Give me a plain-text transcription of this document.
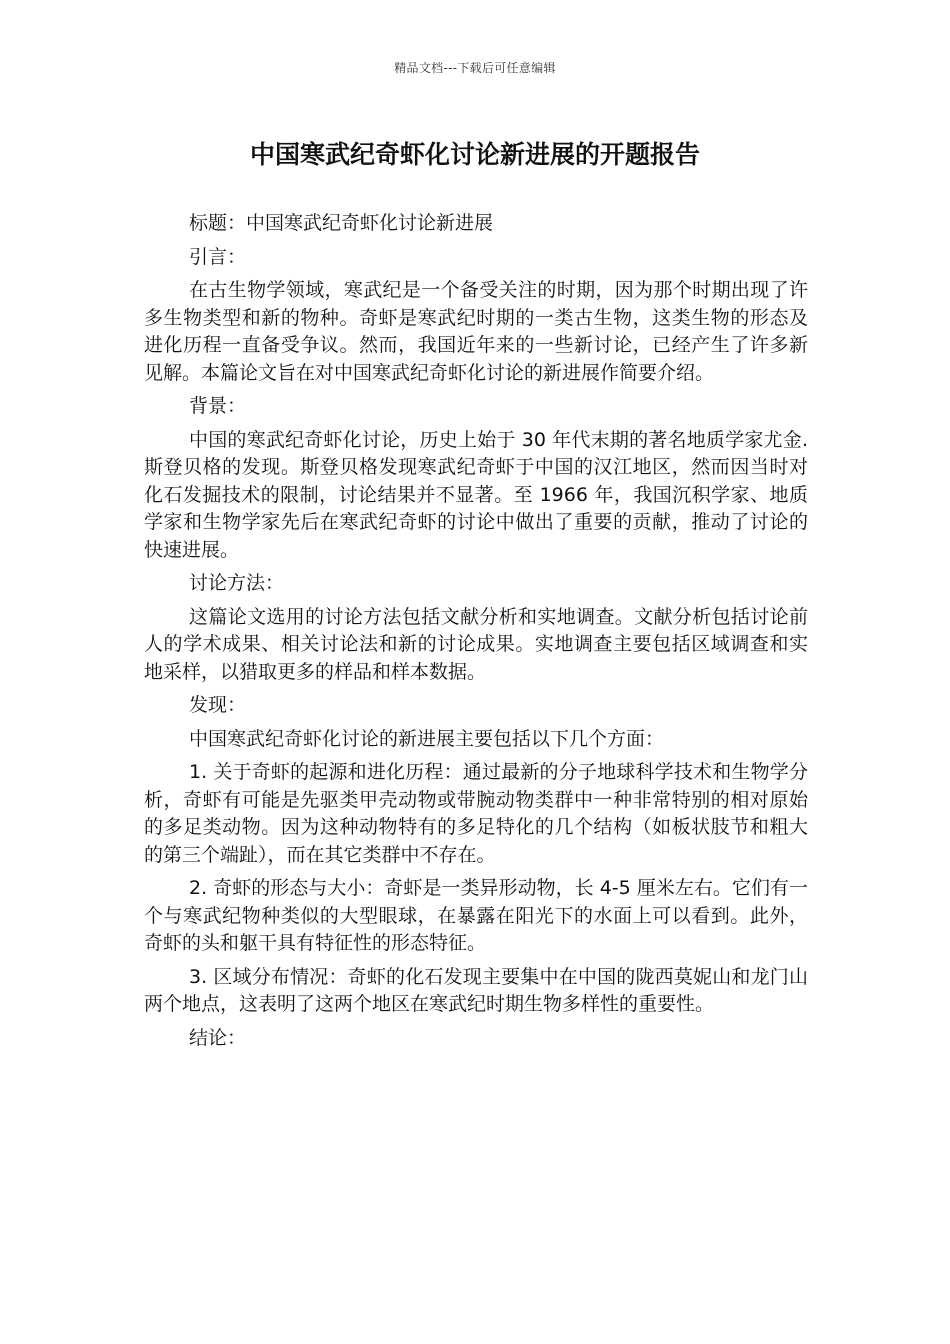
精品文档---下载后可任意编辑
中国寒武纪奇虾化讨论新进展的开题报告

标题：中国寒武纪奇虾化讨论新进展

引言：

在古生物学领域，寒武纪是一个备受关注的时期，因为那个时期出现了许多生物类型和新的物种。奇虾是寒武纪时期的一类古生物，这类生物的形态及进化历程一直备受争议。然而，我国近年来的一些新讨论，已经产生了许多新见解。本篇论文旨在对中国寒武纪奇虾化讨论的新进展作简要介绍。

背景：

中国的寒武纪奇虾化讨论，历史上始于 30 年代末期的著名地质学家尤金.斯登贝格的发现。斯登贝格发现寒武纪奇虾于中国的汉江地区，然而因当时对化石发掘技术的限制，讨论结果并不显著。至 1966 年，我国沉积学家、地质学家和生物学家先后在寒武纪奇虾的讨论中做出了重要的贡献，推动了讨论的快速进展。

讨论方法：

这篇论文选用的讨论方法包括文献分析和实地调查。文献分析包括讨论前人的学术成果、相关讨论法和新的讨论成果。实地调查主要包括区域调查和实地采样，以猎取更多的样品和样本数据。

发现：

中国寒武纪奇虾化讨论的新进展主要包括以下几个方面：

1. 关于奇虾的起源和进化历程：通过最新的分子地球科学技术和生物学分析，奇虾有可能是先驱类甲壳动物或带腕动物类群中一种非常特别的相对原始的多足类动物。因为这种动物特有的多足特化的几个结构（如板状肢节和粗大的第三个端趾），而在其它类群中不存在。

2. 奇虾的形态与大小：奇虾是一类异形动物，长 4-5 厘米左右。它们有一个与寒武纪物种类似的大型眼球，在暴露在阳光下的水面上可以看到。此外，奇虾的头和躯干具有特征性的形态特征。

3. 区域分布情况：奇虾的化石发现主要集中在中国的陇西莫妮山和龙门山两个地点，这表明了这两个地区在寒武纪时期生物多样性的重要性。

结论：
